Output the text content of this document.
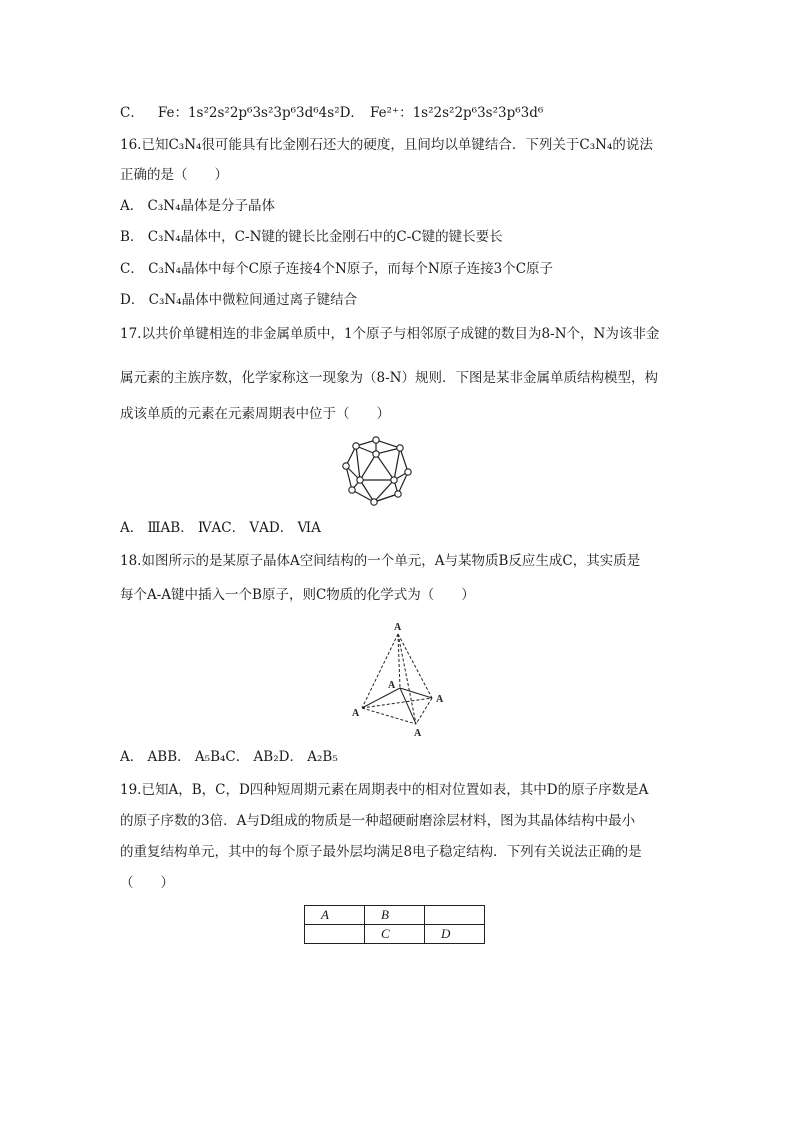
C． Fe：1s²2s²2p⁶3s²3p⁶3d⁶4s²D． Fe²⁺：1s²2s²2p⁶3s²3p⁶3d⁶
16.已知C₃N₄很可能具有比金刚石还大的硬度，且间均以单键结合．下列关于C₃N₄的说法
正确的是（　　）
A． C₃N₄晶体是分子晶体
B． C₃N₄晶体中，C-N键的键长比金刚石中的C-C键的键长要长
C． C₃N₄晶体中每个C原子连接4个N原子，而每个N原子连接3个C原子
D． C₃N₄晶体中微粒间通过离子键结合
17.以共价单键相连的非金属单质中，1个原子与相邻原子成键的数目为8-N个，N为该非金
属元素的主族序数，化学家称这一现象为（8-N）规则．下图是某非金属单质结构模型，构
成该单质的元素在元素周期表中位于（　　）
A． ⅢAB． ⅣAC． ⅤAD． ⅥA
18.如图所示的是某原子晶体A空间结构的一个单元，A与某物质B反应生成C，其实质是
每个A-A键中插入一个B原子，则C物质的化学式为（　　）
A
A
A
A
A
A． ABB． A₅B₄C． AB₂D． A₂B₅
19.已知A，B，C，D四种短周期元素在周期表中的相对位置如表，其中D的原子序数是A
的原子序数的3倍．A与D组成的物质是一种超硬耐磨涂层材料，图为其晶体结构中最小
的重复结构单元，其中的每个原子最外层均满足8电子稳定结构．下列有关说法正确的是
（　　）
A	B	
	C	D
